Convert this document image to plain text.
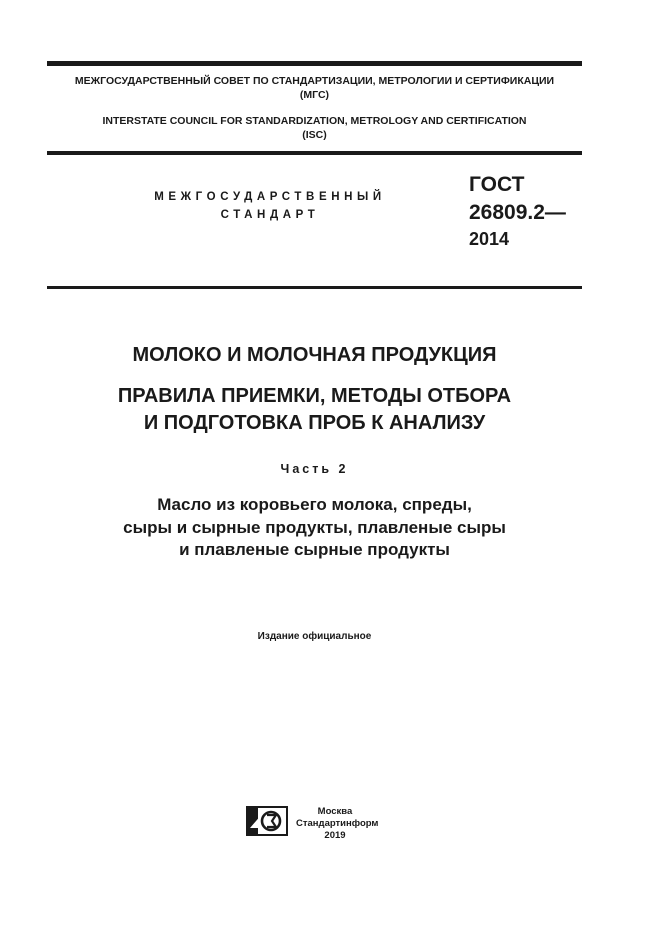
МЕЖГОСУДАРСТВЕННЫЙ СОВЕТ ПО СТАНДАРТИЗАЦИИ, МЕТРОЛОГИИ И СЕРТИФИКАЦИИ
(МГС)
INTERSTATE COUNCIL FOR STANDARDIZATION, METROLOGY AND CERTIFICATION
(ISC)
МЕЖГОСУДАРСТВЕННЫЙ
СТАНДАРТ
ГОСТ
26809.2—
2014
МОЛОКО И МОЛОЧНАЯ ПРОДУКЦИЯ
ПРАВИЛА ПРИЕМКИ, МЕТОДЫ ОТБОРА
И ПОДГОТОВКА ПРОБ К АНАЛИЗУ
Часть 2
Масло из коровьего молока, спреды,
сыры и сырные продукты, плавленые сыры
и плавленые сырные продукты
Издание официальное
Москва
Стандартинформ
2019
